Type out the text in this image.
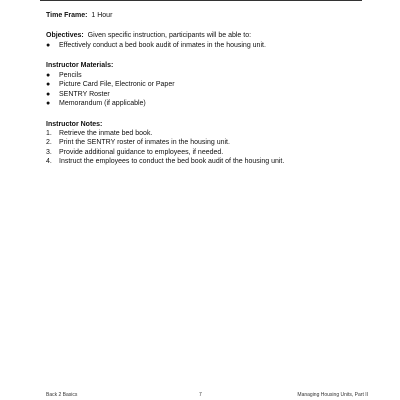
Time Frame: 1 Hour
Objectives: Given specific instruction, participants will be able to:
●	Effectively conduct a bed book audit of inmates in the housing unit.
Instructor Materials:
●	Pencils
●	Picture Card File, Electronic or Paper
●	SENTRY Roster
●	Memorandum (if applicable)
Instructor Notes:
1.	Retrieve the inmate bed book.
2.	Print the SENTRY roster of inmates in the housing unit.
3.	Provide additional guidance to employees, if needed.
4.	Instruct the employees to conduct the bed book audit of the housing unit.
Back 2 Basics	7	Managing Housing Units, Part II
